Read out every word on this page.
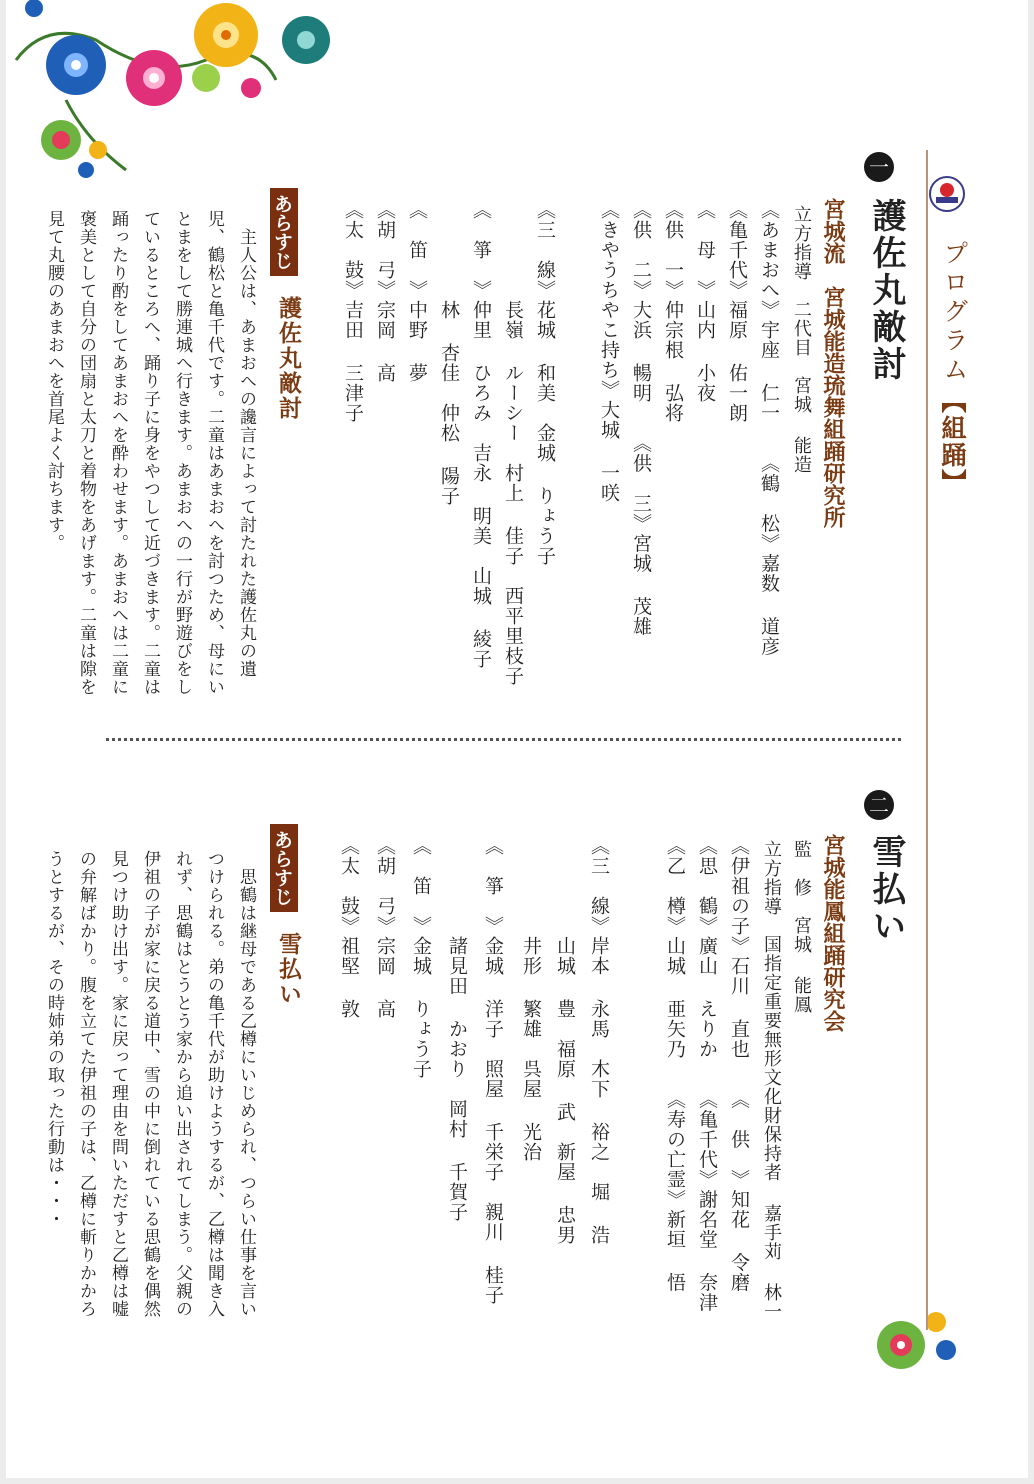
プログラム
【組踊】
一
護佐丸敵討
宮城流　宮城能造琉舞組踊研究所
立方指導　二代目　宮城 能造
《あまおへ》宇座 仁一　　《鶴　松》嘉数 道彦
《亀千代》福原 佑一朗
《　母　》山内 小夜
《供　一》仲宗根 弘将
《供　二》大浜 暢明　　《供　三》宮城 茂雄
《きやうちやこ持ち》大城 一咲
《三　線》花城 和美　金城 りょう子
　　　　　長嶺 ルーシー　村上 佳子　西平里枝子
《　箏　》仲里 ひろみ　吉永 明美　山城 綾子
　　　　　林 杏佳　仲松 陽子
《　笛　》中野 夢
《胡　弓》宗岡 高
《太　鼓》吉田 三津子
あらすじ
護佐丸敵討
　主人公は、あまおへの讒言によって討たれた護佐丸の遺児、鶴松と亀千代です。二童はあまおへを討つため、母にいとまをして勝連城へ行きます。あまおへの一行が野遊びをしているところへ、踊り子に身をやつして近づきます。二童は踊ったり酌をしてあまおへを酔わせます。あまおへは二童に褒美として自分の団扇と太刀と着物をあげます。二童は隙を見て丸腰のあまおへを首尾よく討ちます。
二
雪払い
宮城能鳳組踊研究会
監　修　宮城 能鳳
立方指導　国指定重要無形文化財保持者 嘉手苅 林一
《伊祖の子》石川 直也　　《　供　》知花 令磨
《思　鶴》廣山 えりか　　《亀千代》謝名堂 奈津
《乙　樽》山城 亜矢乃　　《寿の亡霊》新垣 悟
《三　線》岸本 永馬　木下 裕之　堀 浩
　　　　　山城 豊　福原 武　新屋 忠男
　　　　　井形 繁雄　呉屋 光治
《　箏　》金城 洋子　照屋 千栄子　親川 桂子
　　　　　諸見田 かおり　岡村 千賀子
《　笛　》金城 りょう子
《胡　弓》宗岡 高
《太　鼓》祖堅 敦
あらすじ
雪払い
　思鶴は継母である乙樽にいじめられ、つらい仕事を言いつけられる。弟の亀千代が助けようするが、乙樽は聞き入れず、思鶴はとうとう家から追い出されてしまう。父親の伊祖の子が家に戻る道中、雪の中に倒れている思鶴を偶然見つけ助け出す。家に戻って理由を問いただすと乙樽は嘘の弁解ばかり。腹を立てた伊祖の子は、乙樽に斬りかかろうとするが、その時姉弟の取った行動は・・・
